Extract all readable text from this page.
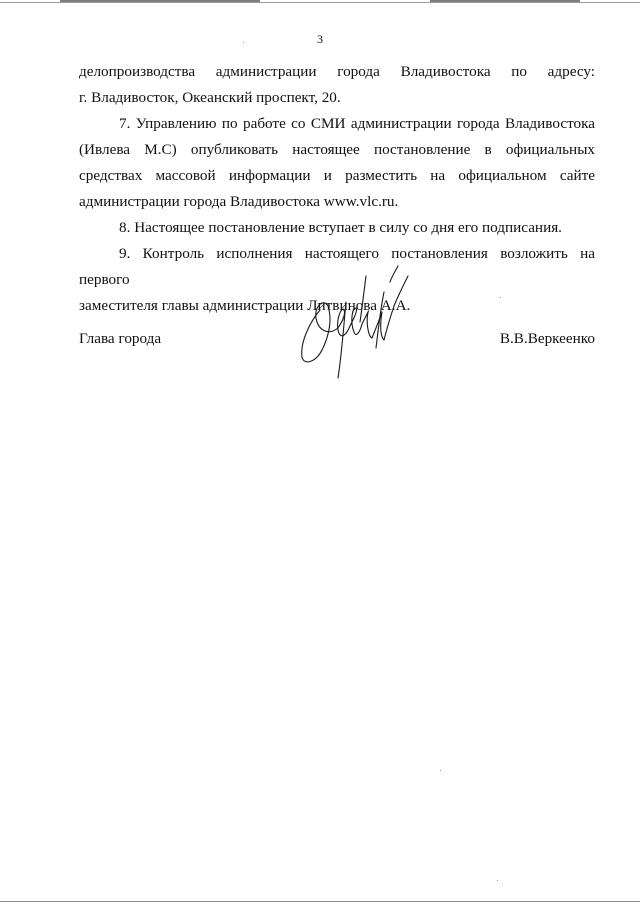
3

делопроизводства администрации города Владивостока по адресу:

г. Владивосток, Океанский проспект, 20.

7. Управлению по работе со СМИ администрации города Владивостока

(Ивлева М.С) опубликовать настоящее постановление в официальных

средствах массовой информации и разместить на официальном сайте

администрации города Владивостока www.vlc.ru.

8. Настоящее постановление вступает в силу со дня его подписания.

9. Контроль исполнения настоящего постановления возложить на первого

заместителя главы администрации Литвинова А.А.

Глава города	В.В.Веркеенко
